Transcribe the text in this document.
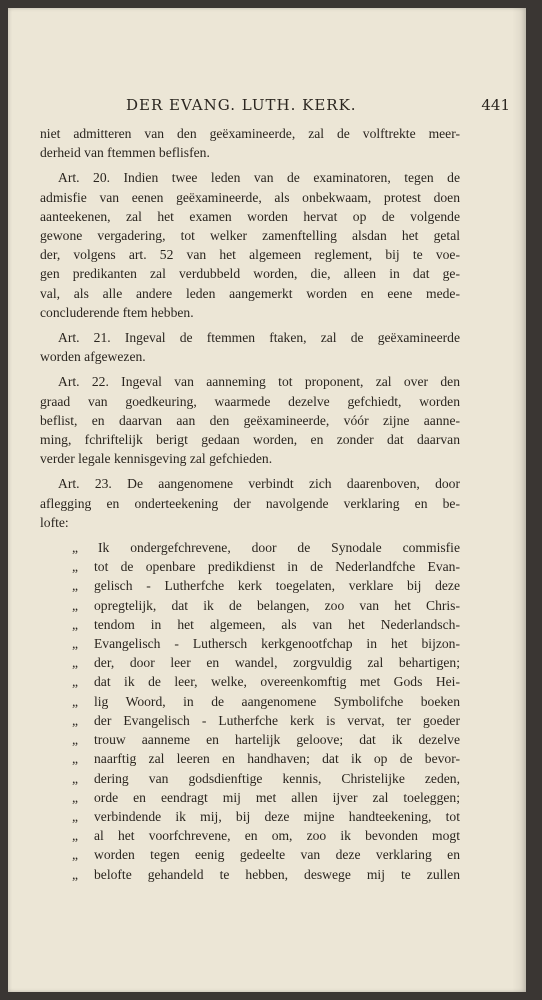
DER EVANG. LUTH. KERK.	441
niet admitteren van den geëxamineerde, zal de volftrekte meer-
derheid van ftemmen beflisfen.
Art. 20. Indien twee leden van de examinatoren, tegen de
admisfie van eenen geëxamineerde, als onbekwaam, protest doen
aanteekenen, zal het examen worden hervat op de volgende
gewone vergadering, tot welker zamenftelling alsdan het getal
der, volgens art. 52 van het algemeen reglement, bij te voe-
gen predikanten zal verdubbeld worden, die, alleen in dat ge-
val, als alle andere leden aangemerkt worden en eene mede-
concluderende ftem hebben.
Art. 21. Ingeval de ftemmen ftaken, zal de geëxamineerde
worden afgewezen.
Art. 22. Ingeval van aanneming tot proponent, zal over den
graad van goedkeuring, waarmede dezelve gefchiedt, worden
beflist, en daarvan aan den geëxamineerde, vóór zijne aanne-
ming, fchriftelijk berigt gedaan worden, en zonder dat daarvan
verder legale kennisgeving zal gefchieden.
Art. 23. De aangenomene verbindt zich daarenboven, door
aflegging en onderteekening der navolgende verklaring en be-
lofte:
„	Ik ondergefchrevene, door de Synodale commisfie
„	tot de openbare predikdienst in de Nederlandfche Evan-
„	gelisch - Lutherfche kerk toegelaten, verklare bij deze
„	opregtelijk, dat ik de belangen, zoo van het Chris-
„	tendom in het algemeen, als van het Nederlandsch-
„	Evangelisch - Luthersch kerkgenootfchap in het bijzon-
„	der, door leer en wandel, zorgvuldig zal behartigen;
„	dat ik de leer, welke, overeenkomftig met Gods Hei-
„	lig Woord, in de aangenomene Symbolifche boeken
„	der Evangelisch - Lutherfche kerk is vervat, ter goeder
„	trouw aanneme en hartelijk geloove; dat ik dezelve
„	naarftig zal leeren en handhaven; dat ik op de bevor-
„	dering van godsdienftige kennis, Christelijke zeden,
„	orde en eendragt mij met allen ijver zal toeleggen;
„	verbindende ik mij, bij deze mijne handteekening, tot
„	al het voorfchrevene, en om, zoo ik bevonden mogt
„	worden tegen eenig gedeelte van deze verklaring en
„	belofte gehandeld te hebben, deswege mij te zullen
